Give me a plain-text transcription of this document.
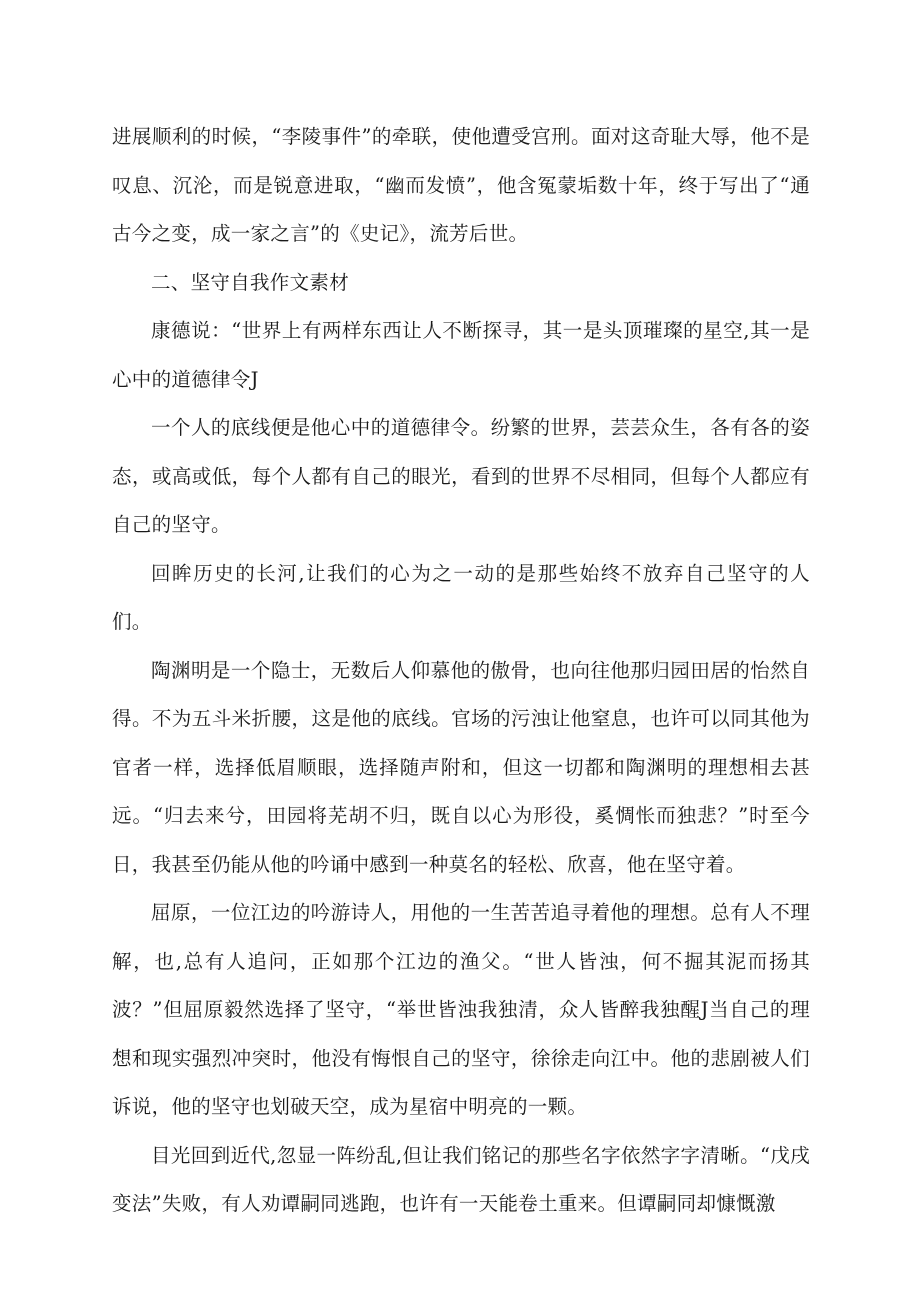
进展顺利的时候，“李陵事件”的牵联，使他遭受宫刑。面对这奇耻大辱，他不是叹息、沉沦，而是锐意进取，“幽而发愤”，他含冤蒙垢数十年，终于写出了“通古今之变，成一家之言”的《史记》，流芳后世。

二、坚守自我作文素材

康德说：“世界上有两样东西让人不断探寻，其一是头顶璀璨的星空,其一是心中的道德律令J

一个人的底线便是他心中的道德律令。纷繁的世界，芸芸众生，各有各的姿态，或高或低，每个人都有自己的眼光，看到的世界不尽相同，但每个人都应有自己的坚守。

回眸历史的长河,让我们的心为之一动的是那些始终不放弃自己坚守的人们。

陶渊明是一个隐士，无数后人仰慕他的傲骨，也向往他那归园田居的怡然自得。不为五斗米折腰，这是他的底线。官场的污浊让他窒息，也许可以同其他为官者一样，选择低眉顺眼，选择随声附和，但这一切都和陶渊明的理想相去甚远。“归去来兮，田园将芜胡不归，既自以心为形役，奚惆怅而独悲？”时至今日，我甚至仍能从他的吟诵中感到一种莫名的轻松、欣喜，他在坚守着。

屈原，一位江边的吟游诗人，用他的一生苦苦追寻着他的理想。总有人不理解，也,总有人追问，正如那个江边的渔父。“世人皆浊，何不掘其泥而扬其波？”但屈原毅然选择了坚守，“举世皆浊我独清，众人皆醉我独醒J当自己的理想和现实强烈冲突时，他没有悔恨自己的坚守，徐徐走向江中。他的悲剧被人们诉说，他的坚守也划破天空，成为星宿中明亮的一颗。

目光回到近代,忽显一阵纷乱,但让我们铭记的那些名字依然字字清晰。“戊戌变法”失败，有人劝谭嗣同逃跑，也许有一天能卷土重来。但谭嗣同却慷慨激
